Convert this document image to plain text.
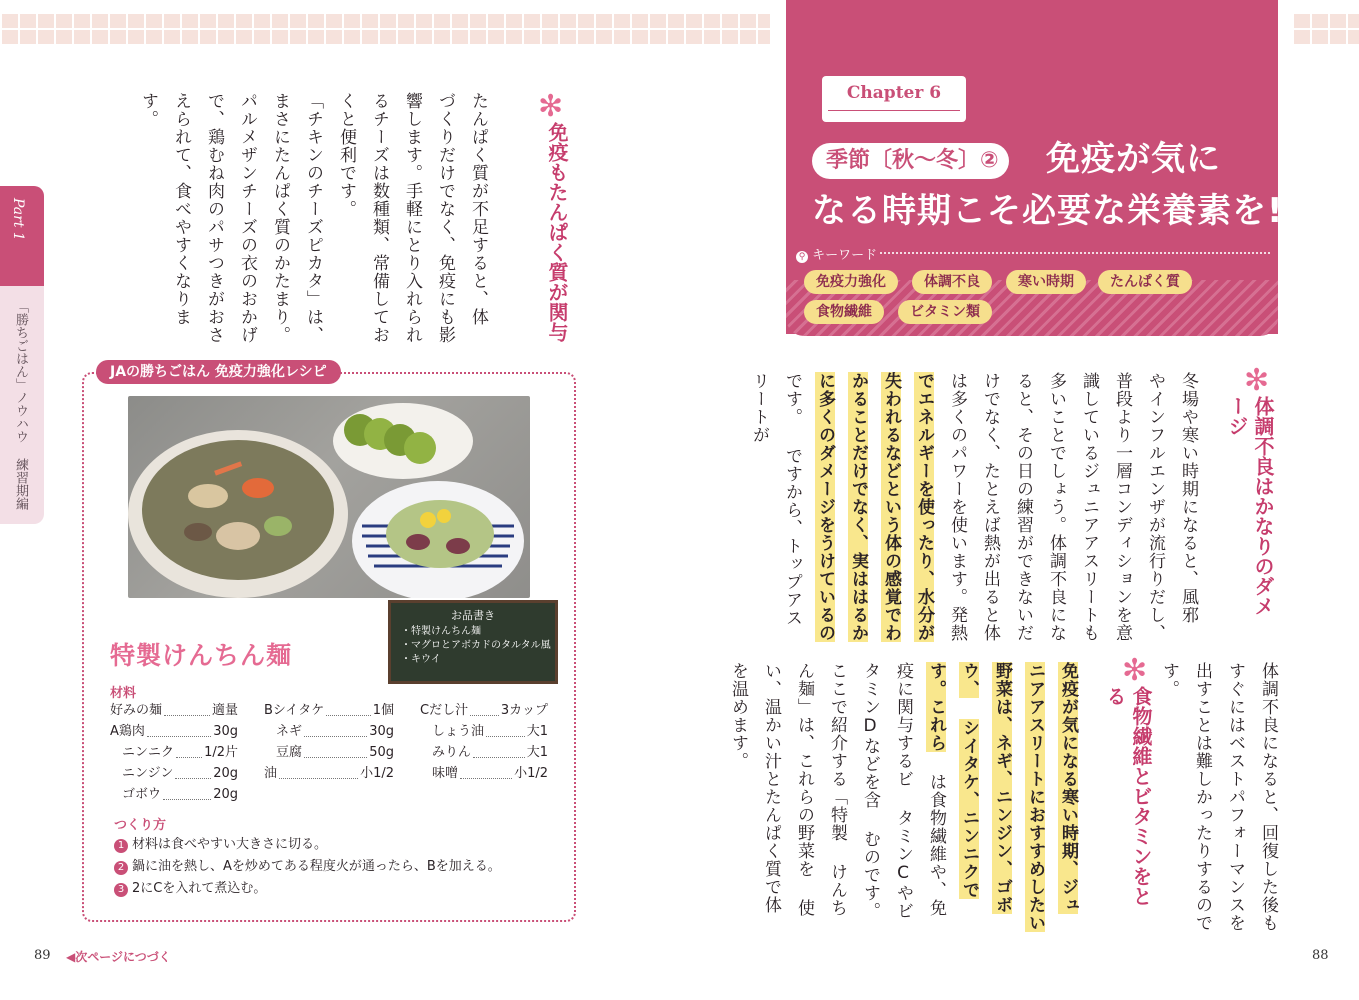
Part 1
「勝ちごはん」ノウハウ 練習期編
✻
免疫もたんぱく質が関与
たんぱく質が不足すると、体 づくりだけでなく、免疫にも影 響します。手軽にとり入れられ るチーズは数種類、常備してお くと便利です。
「チキンのチーズピカタ」は、 まさにたんぱく質のかたまり。 パルメザンチーズの衣のおかげ で、鶏むね肉のパサつきがおさ えられて、食べやすくなります。
JAの勝ちごはん 免疫力強化レシピ
お品書き
・特製けんちん麺
・マグロとアボカドのタルタル風
・キウイ
特製けんちん麺
材料
好みの麺	適量
A鶏肉	30g
ニンニク 1/2片
ニンジン	20g
ゴボウ	20g
Bシイタケ	1個
ネギ	30g
豆腐	50g
油	小1/2
Cだし汁	3カップ
しょう油	大1
みりん	大1
味噌	小1/2
つくり方
1 材料は食べやすい大きさに切る。
2 鍋に油を熱し、Aを炒めてある程度火が通ったら、Bを加える。
3 2にCを入れて煮込む。
89 ◀次ページにつづく
Chapter 6
季節〔秋〜冬〕② 免疫が気に
なる時期こそ必要な栄養素を!
⚲ キーワード
免疫力強化	体調不良	寒い時期	たんぱく質
食物繊維	ビタミン類
✻
体調不良はかなりのダメージ
冬場や寒い時期になると、風邪 やインフルエンザが流行りだし、 普段より一層コンディションを意 識しているジュニアアスリートも 多いことでしょう。体調不良にな ると、その日の練習ができないだ けでなく、たとえば熱が出ると体 は多くのパワーを使います。発熱 でエネルギーを使ったり、水分が 失われるなどという体の感覚でわ かることだけでなく、実ははるか に多くのダメージをうけているの です。 ですから、トップアスリートが
体調不良になると、回復した後も すぐにはベストパフォーマンスを 出すことは難しかったりするので す。
✻
食物繊維とビタミンをとる
免疫が気になる寒い時期、ジュ ニアアスリートにおすすめしたい 野菜は、ネギ、ニンジン、ゴボウ、 シイタケ、ニンニクです。これら は食物繊維や、免疫に関与するビ タミンCやビタミンDなどを含 むのです。ここで紹介する「特製 けんちん麺」は、これらの野菜を 使い、温かい汁とたんぱく質で体 を温めます。
88
